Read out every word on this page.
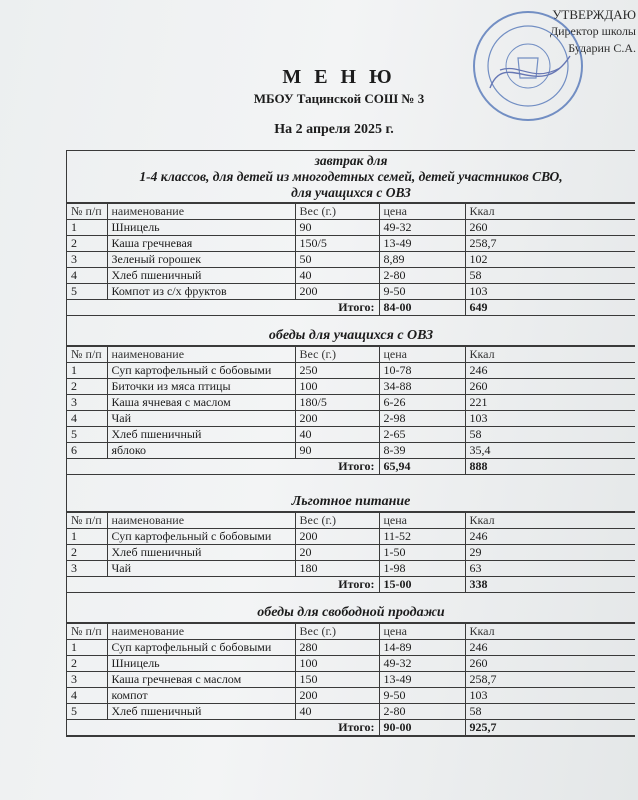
УТВЕРЖДАЮ
Директор школы
Бударин С.А.
М Е Н Ю
МБОУ Тацинской СОШ № 3
На 2 апреля 2025 г.
завтрак для
1-4 классов, для детей из многодетных семей, детей участников СВО,
для учащихся с ОВЗ
№ п/п	наименование	Вес (г.)	цена	Ккал
1	Шницель	90	49-32	260
2	Каша гречневая	150/5	13-49	258,7
3	Зеленый горошек	50	8,89	102
4	Хлеб пшеничный	40	2-80	58
5	Компот из с/х фруктов	200	9-50	103
Итого:			84-00	649
обеды для учащихся с ОВЗ
№ п/п	наименование	Вес (г.)	цена	Ккал
1	Суп картофельный с бобовыми	250	10-78	246
2	Биточки из мяса птицы	100	34-88	260
3	Каша ячневая с маслом	180/5	6-26	221
4	Чай	200	2-98	103
5	Хлеб пшеничный	40	2-65	58
6	яблоко	90	8-39	35,4
Итого:			65,94	888
Льготное питание
№ п/п	наименование	Вес (г.)	цена	Ккал
1	Суп картофельный с бобовыми	200	11-52	246
2	Хлеб пшеничный	20	1-50	29
3	Чай	180	1-98	63
Итого:			15-00	338
обеды для свободной продажи
№ п/п	наименование	Вес (г.)	цена	Ккал
1	Суп картофельный с бобовыми	280	14-89	246
2	Шницель	100	49-32	260
3	Каша гречневая с маслом	150	13-49	258,7
4	компот	200	9-50	103
5	Хлеб пшеничный	40	2-80	58
Итого:			90-00	925,7
